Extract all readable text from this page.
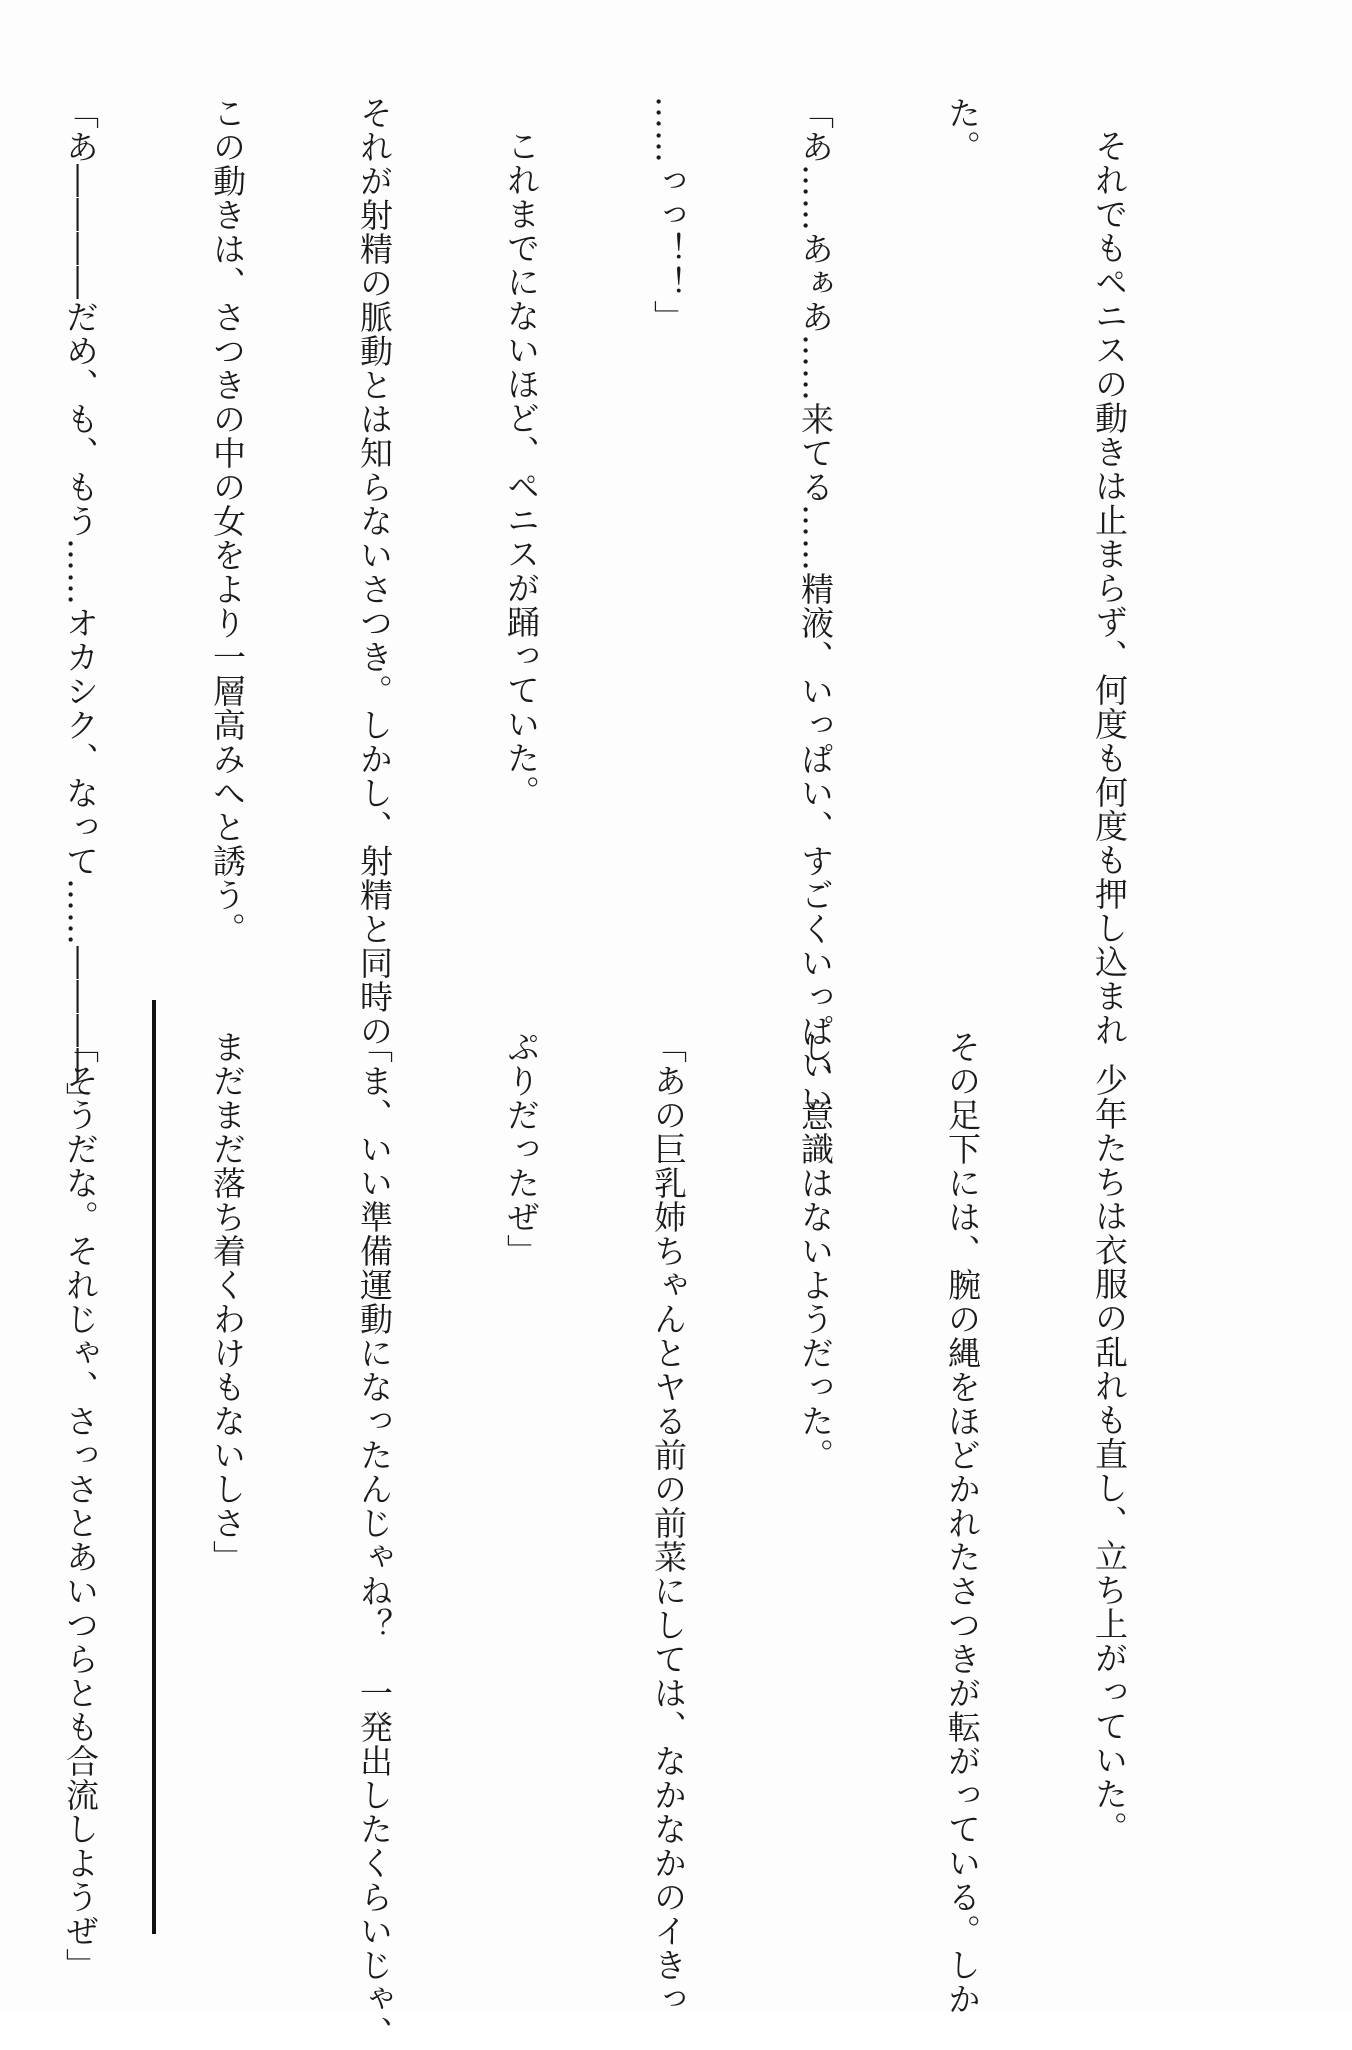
それでもペニスの動きは止まらず、何度も何度も押し込まれ

た。

「あ……あぁあ……来てる……精液、いっぱい、すごくいっぱいい

……っっ！！」

これまでにないほど、ペニスが踊っていた。

それが射精の脈動とは知らないさつき。しかし、射精と同時の

この動きは、さつきの中の女をより一層高みへと誘う。

「あ――――だめ、も、もう……オカシク、なって……――――」

少年たちは衣服の乱れも直し、立ち上がっていた。

その足下には、腕の縄をほどかれたさつきが転がっている。しか

し、意識はないようだった。

「あの巨乳姉ちゃんとヤる前の前菜にしては、なかなかのイきっ

ぷりだったぜ」

「ま、いい準備運動になったんじゃね？　一発出したくらいじゃ、

まだまだ落ち着くわけもないしさ」

「そうだな。それじゃ、さっさとあいつらとも合流しようぜ」
